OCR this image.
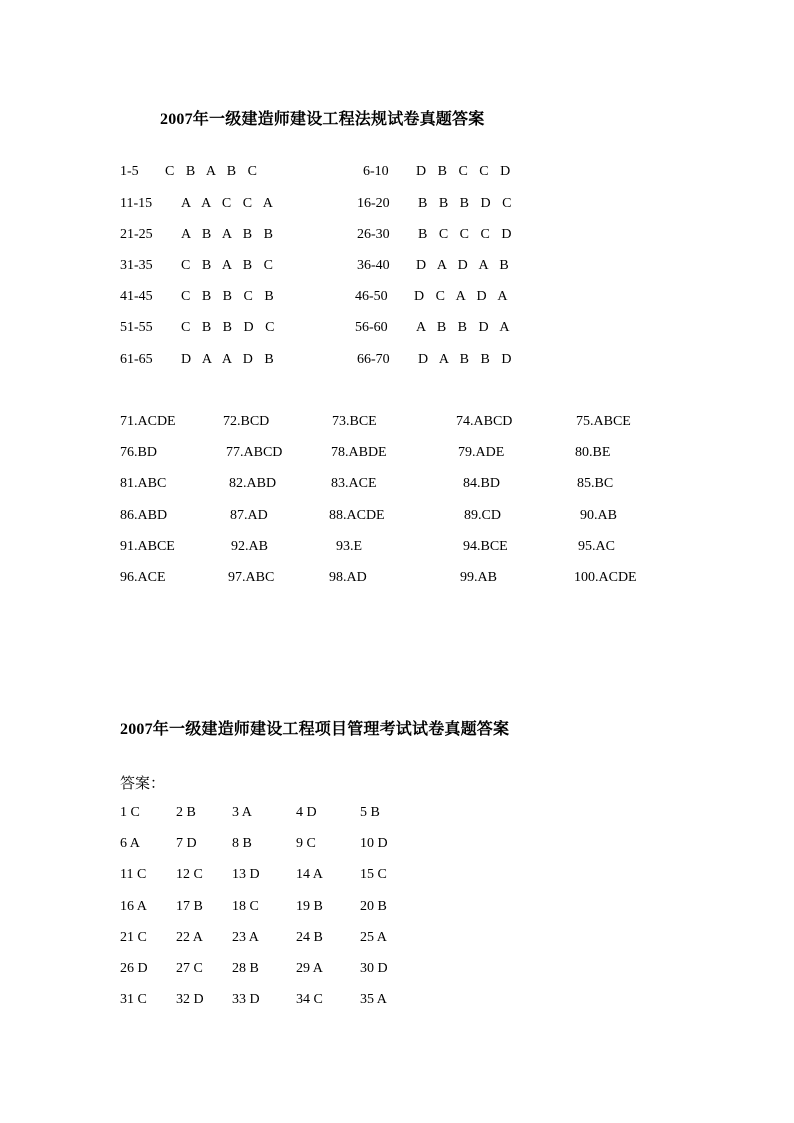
2007年一级建造师建设工程法规试卷真题答案
1-5 C B A B C	6-10 D B C C D
11-15 A A C C A	16-20 B B B D C
21-25 A B A B B	26-30 B C C C D
31-35 C B A B C	36-40 D A D A B
41-45 C B B C B	46-50 D C A D A
51-55 C B B D C	56-60 A B B D A
61-65 D A A D B	66-70 D A B B D
71.ACDE	72.BCD	73.BCE	74.ABCD	75.ABCE
76.BD	77.ABCD	78.ABDE	79.ADE	80.BE
81.ABC	82.ABD	83.ACE	84.BD	85.BC
86.ABD	87.AD	88.ACDE	89.CD	90.AB
91.ABCE	92.AB	93.E	94.BCE	95.AC
96.ACE	97.ABC	98.AD	99.AB	100.ACDE
2007年一级建造师建设工程项目管理考试试卷真题答案
答案：
1 C	2 B	3 A	4 D	5 B
6 A	7 D	8 B	9 C	10 D
11 C 12 C 13 D	14 A	15 C
16 A 17 B 18 C	19 B	20 B
21 C 22 A 23 A	24 B	25 A
26 D 27 C 28 B	29 A	30 D
31 C 32 D 33 D	34 C	35 A
